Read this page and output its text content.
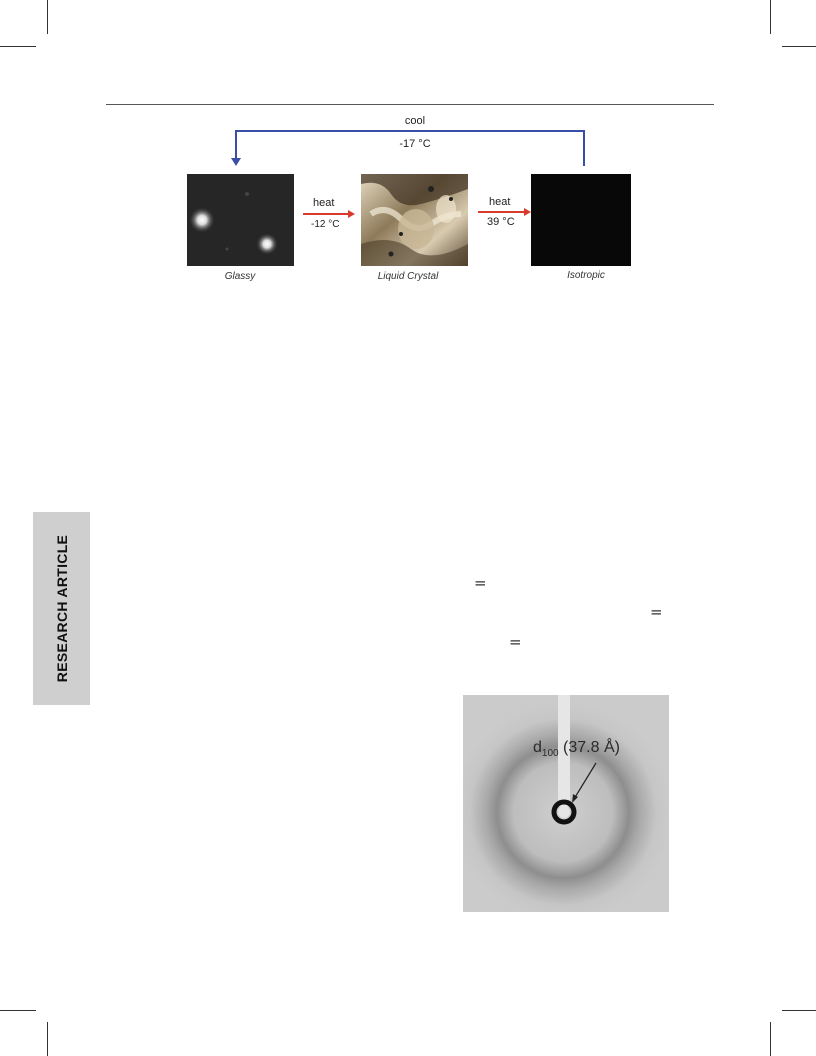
cool
-17 °C
heat
-12 °C
heat
39 °C
Glassy	Liquid Crystal	Isotropic
RESEARCH ARTICLE	=
=
=
$d_{100}$ (37.8 Å)
